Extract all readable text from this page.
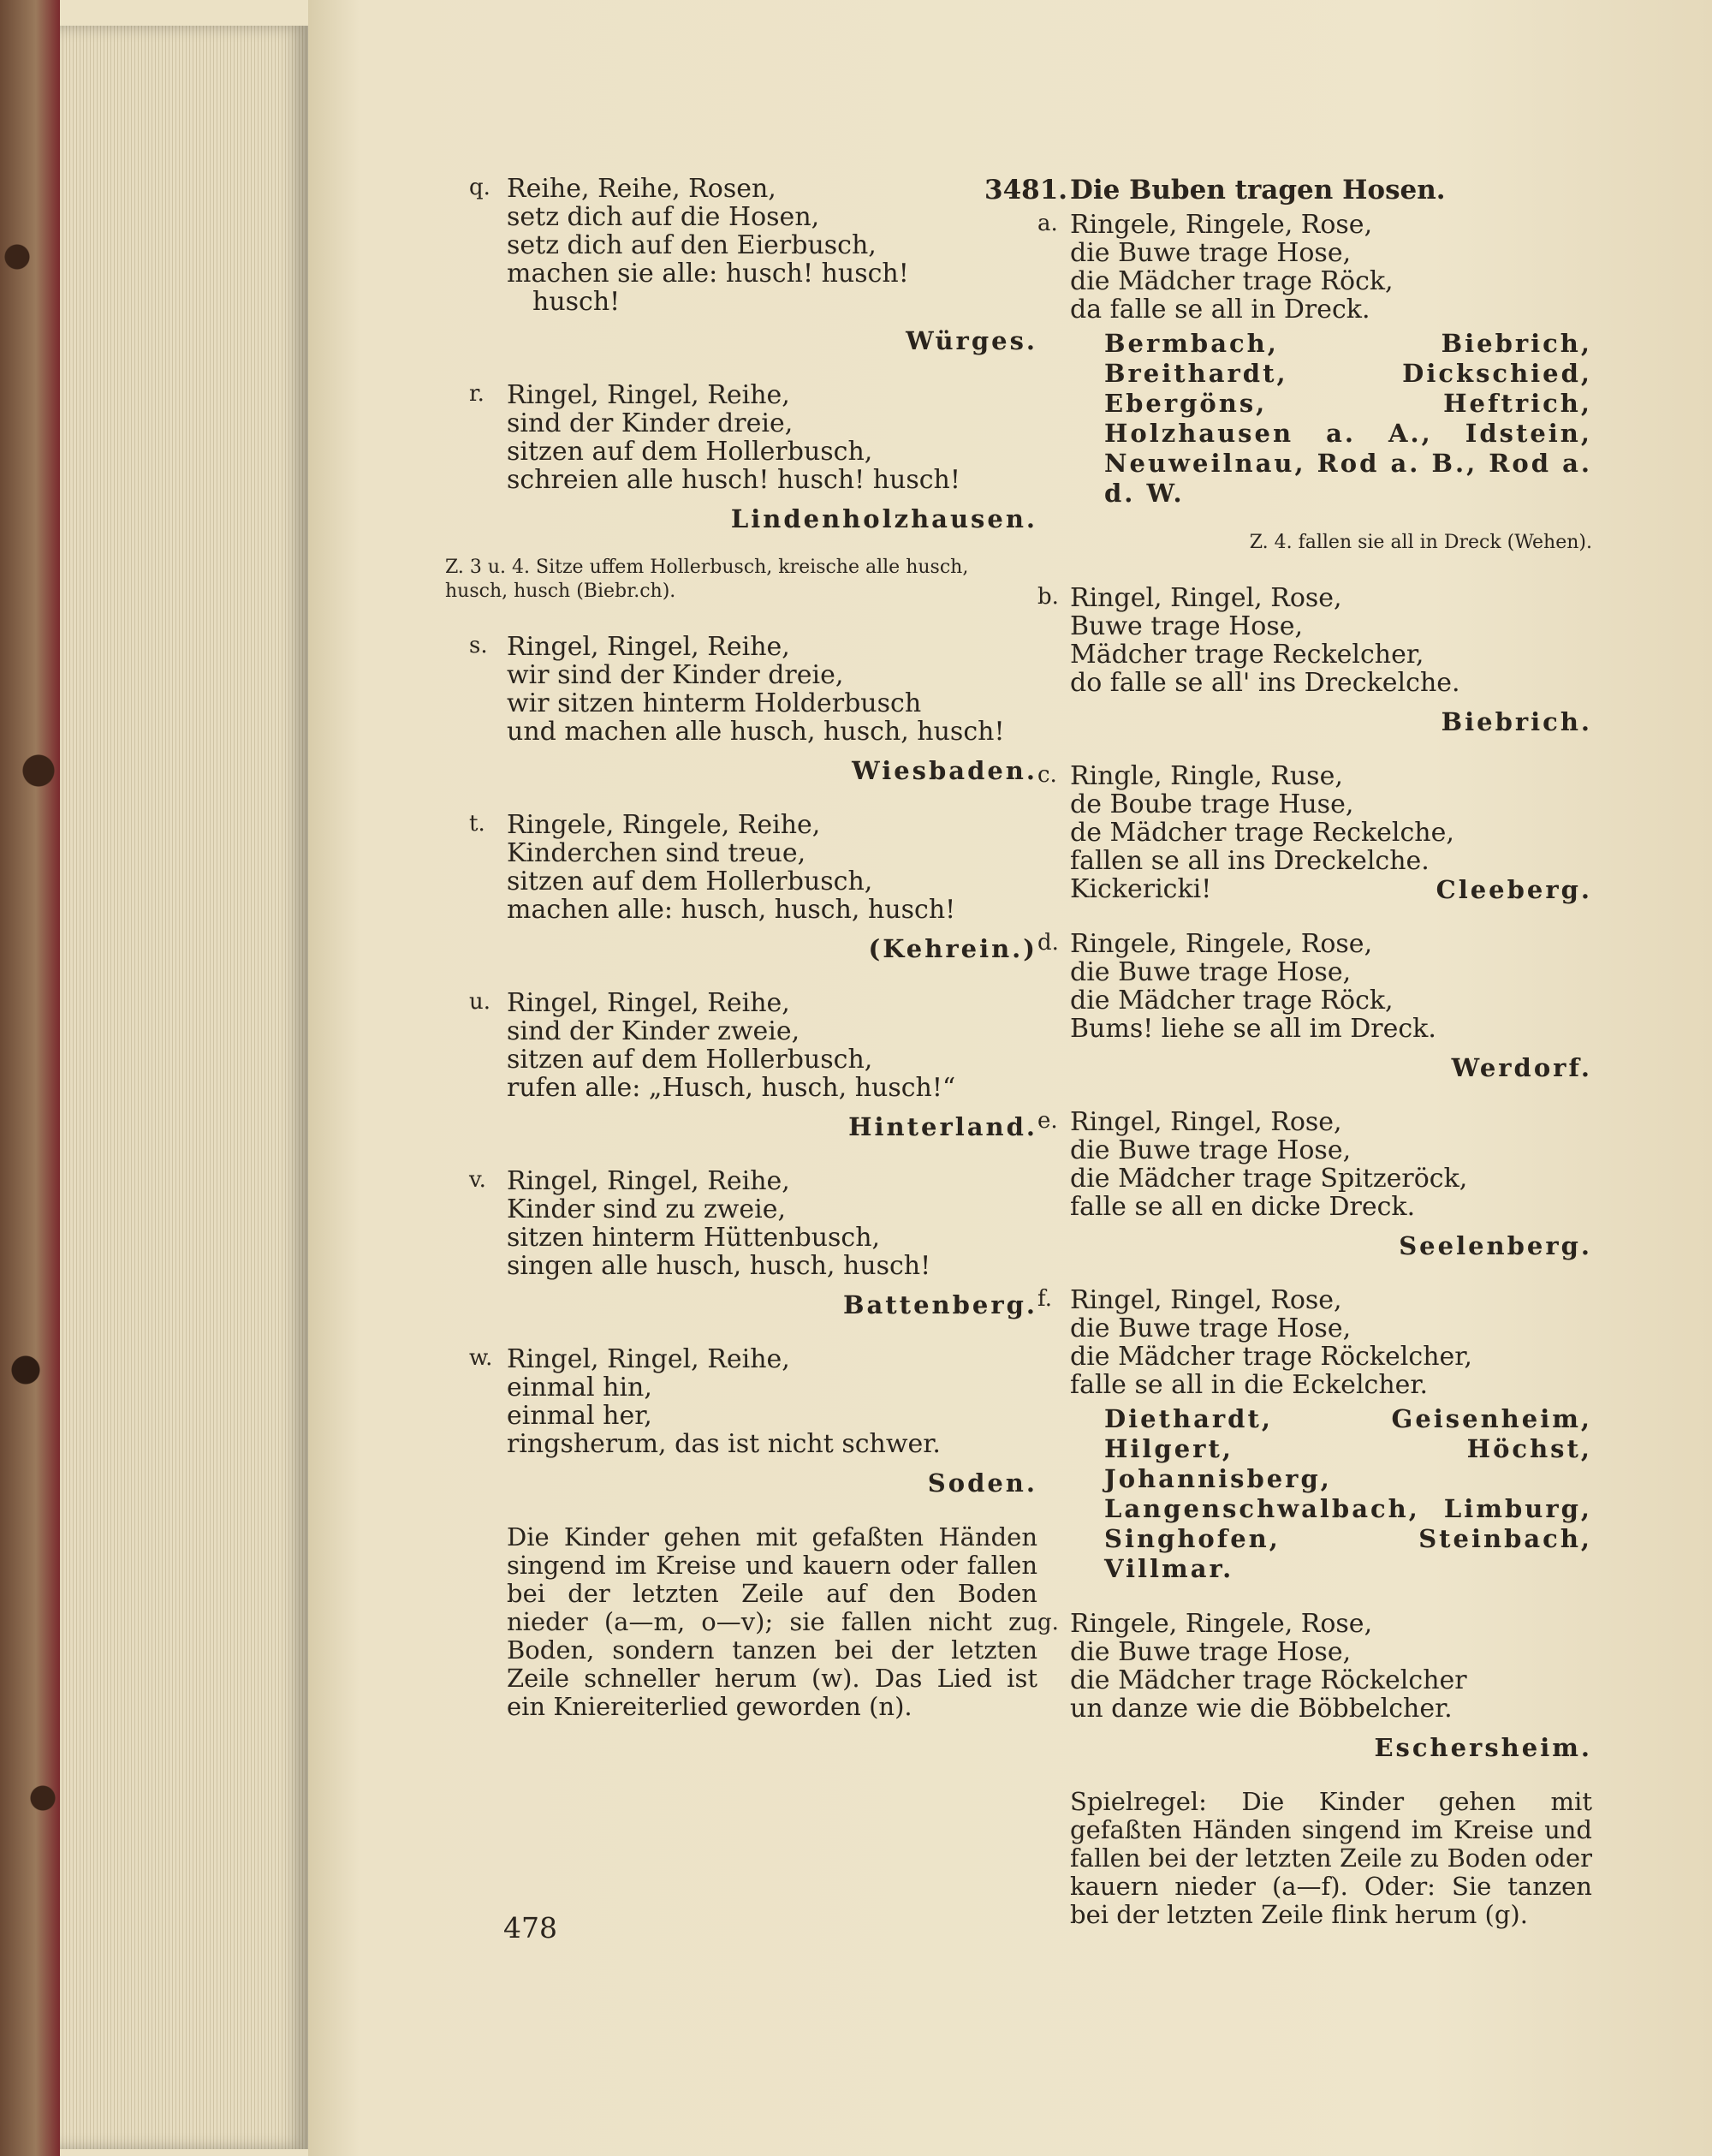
q. Reihe, Reihe, Rosen,
setz dich auf die Hosen,
setz dich auf den Eierbusch,
machen sie alle: husch! husch!
husch!
Würges.
r. Ringel, Ringel, Reihe,
sind der Kinder dreie,
sitzen auf dem Hollerbusch,
schreien alle husch! husch! husch!
Lindenholzhausen.
Z. 3 u. 4. Sitze uffem Hollerbusch, kreische alle husch, husch, husch (Biebr.ch).
s. Ringel, Ringel, Reihe,
wir sind der Kinder dreie,
wir sitzen hinterm Holderbusch
und machen alle husch, husch, husch!
Wiesbaden.
t. Ringele, Ringele, Reihe,
Kinderchen sind treue,
sitzen auf dem Hollerbusch,
machen alle: husch, husch, husch!
(Kehrein.)
u. Ringel, Ringel, Reihe,
sind der Kinder zweie,
sitzen auf dem Hollerbusch,
rufen alle: „Husch, husch, husch!“
Hinterland.
v. Ringel, Ringel, Reihe,
Kinder sind zu zweie,
sitzen hinterm Hüttenbusch,
singen alle husch, husch, husch!
Battenberg.
w. Ringel, Ringel, Reihe,
einmal hin,
einmal her,
ringsherum, das ist nicht schwer.
Soden.
Die Kinder gehen mit gefaßten Händen singend im Kreise und kauern oder fallen bei der letzten Zeile auf den Boden nieder (a—m, o—v); sie fallen nicht zu Boden, sondern tanzen bei der letzten Zeile schneller herum (w). Das Lied ist ein Kniereiterlied geworden (n).
3481. Die Buben tragen Hosen.
a. Ringele, Ringele, Rose,
die Buwe trage Hose,
die Mädcher trage Röck,
da falle se all in Dreck.
Bermbach, Biebrich, Breithardt, Dickschied, Ebergöns, Heftrich, Holzhausen a. A., Idstein, Neuweilnau, Rod a. B., Rod a. d. W.
Z. 4. fallen sie all in Dreck (Wehen).
b. Ringel, Ringel, Rose,
Buwe trage Hose,
Mädcher trage Reckelcher,
do falle se all' ins Dreckelche.
Biebrich.
c. Ringle, Ringle, Ruse,
de Boube trage Huse,
de Mädcher trage Reckelche,
fallen se all ins Dreckelche.
Kickericki!	Cleeberg.
d. Ringele, Ringele, Rose,
die Buwe trage Hose,
die Mädcher trage Röck,
Bums! liehe se all im Dreck.
Werdorf.
e. Ringel, Ringel, Rose,
die Buwe trage Hose,
die Mädcher trage Spitzeröck,
falle se all en dicke Dreck.
Seelenberg.
f. Ringel, Ringel, Rose,
die Buwe trage Hose,
die Mädcher trage Röckelcher,
falle se all in die Eckelcher.
Diethardt, Geisenheim, Hilgert, Höchst, Johannisberg, Langenschwalbach, Limburg, Singhofen, Steinbach, Villmar.
g. Ringele, Ringele, Rose,
die Buwe trage Hose,
die Mädcher trage Röckelcher
un danze wie die Böbbelcher.
Eschersheim.
Spielregel: Die Kinder gehen mit gefaßten Händen singend im Kreise und fallen bei der letzten Zeile zu Boden oder kauern nieder (a—f). Oder: Sie tanzen bei der letzten Zeile flink herum (g).
478
